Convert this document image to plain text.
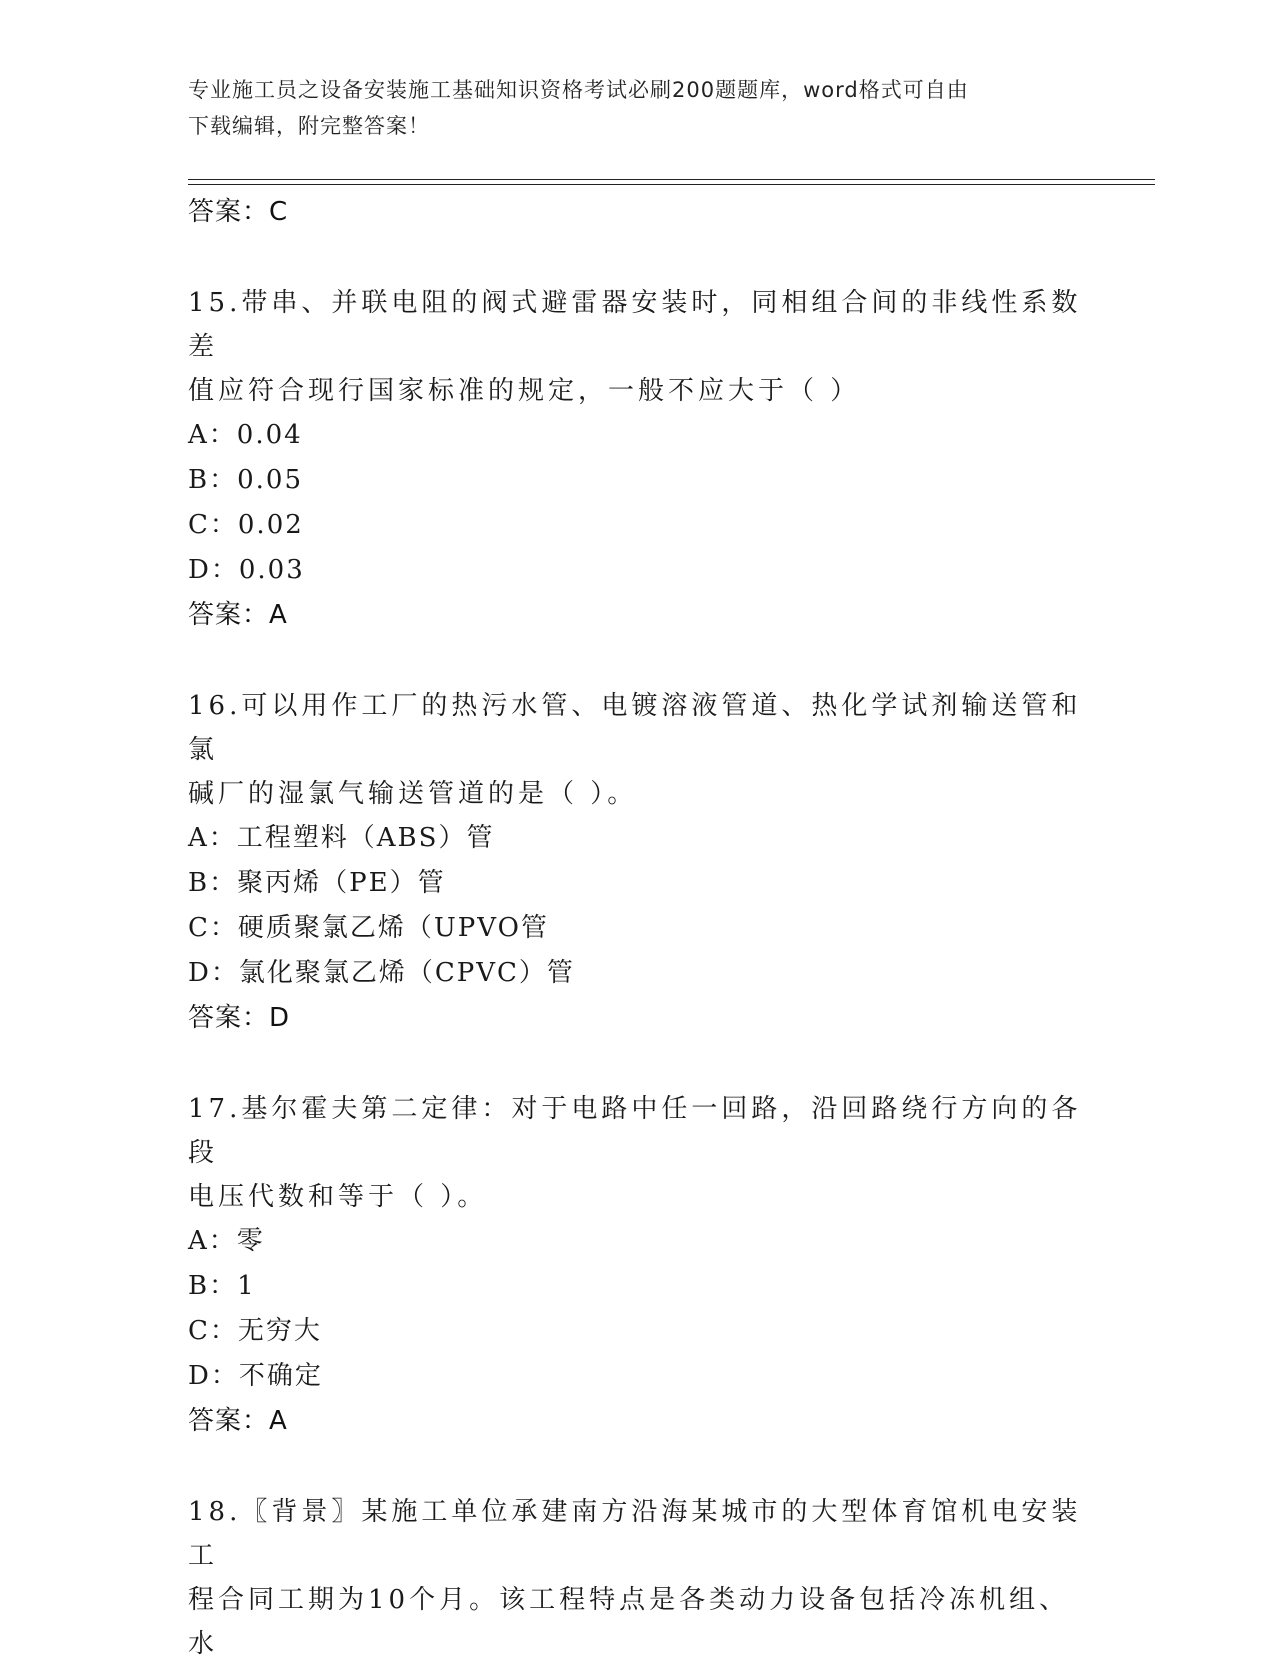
专业施工员之设备安装施工基础知识资格考试必刷200题题库，word格式可自由
下载编辑，附完整答案！
答案：C
15.带串、并联电阻的阀式避雷器安装时，同相组合间的非线性系数差
值应符合现行国家标准的规定，一般不应大于（ ）
A：0.04
B：0.05
C：0.02
D：0.03
答案：A
16.可以用作工厂的热污水管、电镀溶液管道、热化学试剂输送管和氯
碱厂的湿氯气输送管道的是（ ）。
A：工程塑料（ABS）管
B：聚丙烯（PE）管
C：硬质聚氯乙烯（UPVO管
D：氯化聚氯乙烯（CPVC）管
答案：D
17.基尔霍夫第二定律：对于电路中任一回路，沿回路绕行方向的各段
电压代数和等于（ ）。
A：零
B：1
C：无穷大
D：不确定
答案：A
18.〖背景〗某施工单位承建南方沿海某城市的大型体育馆机电安装工
程合同工期为10个月。该工程特点是各类动力设备包括冷冻机组、水
